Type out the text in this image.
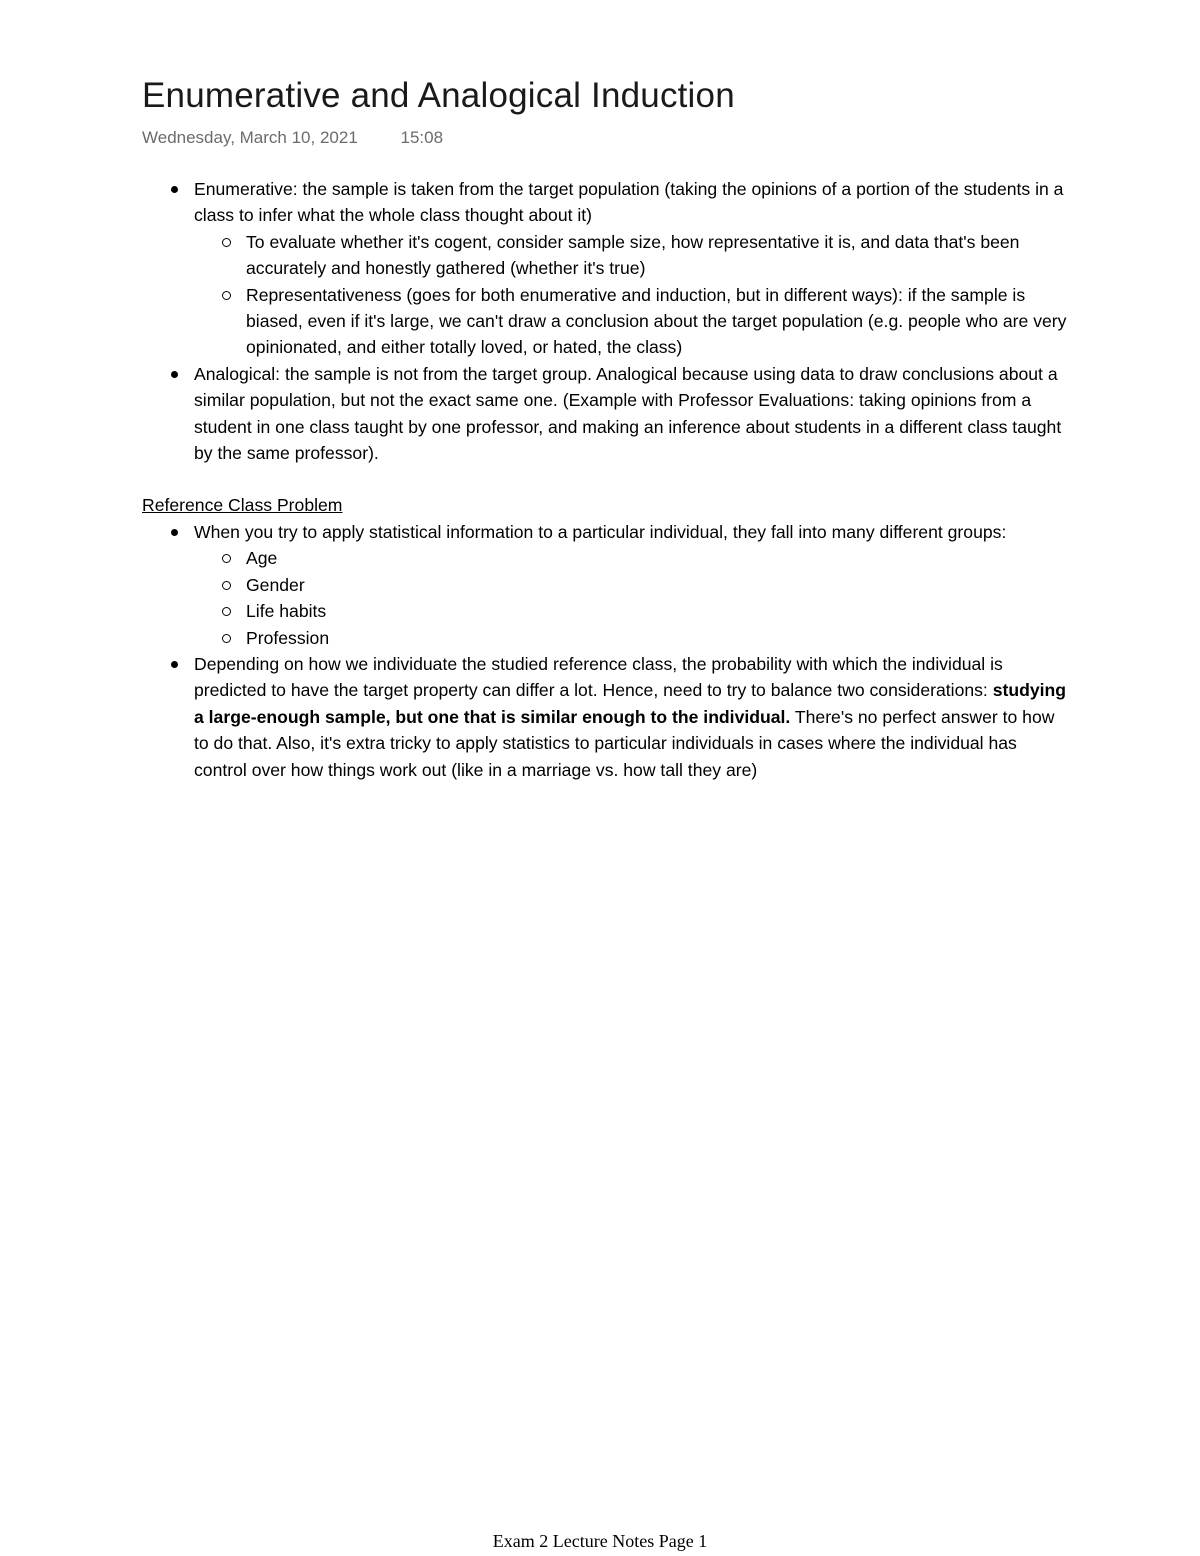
Enumerative and Analogical Induction
Wednesday, March 10, 2021	15:08
Enumerative: the sample is taken from the target population (taking the opinions of a portion of the students in a class to infer what the whole class thought about it)
To evaluate whether it's cogent, consider sample size, how representative it is, and data that's been accurately and honestly gathered (whether it's true)
Representativeness (goes for both enumerative and induction, but in different ways): if the sample is biased, even if it's large, we can't draw a conclusion about the target population (e.g. people who are very opinionated, and either totally loved, or hated, the class)
Analogical: the sample is not from the target group. Analogical because using data to draw conclusions about a similar population, but not the exact same one. (Example with Professor Evaluations: taking opinions from a student in one class taught by one professor, and making an inference about students in a different class taught by the same professor).
Reference Class Problem
When you try to apply statistical information to a particular individual, they fall into many different groups:
Age
Gender
Life habits
Profession
Depending on how we individuate the studied reference class, the probability with which the individual is predicted to have the target property can differ a lot. Hence, need to try to balance two considerations: studying a large-enough sample, but one that is similar enough to the individual. There's no perfect answer to how to do that. Also, it's extra tricky to apply statistics to particular individuals in cases where the individual has control over how things work out (like in a marriage vs. how tall they are)
Exam 2 Lecture Notes Page 1
